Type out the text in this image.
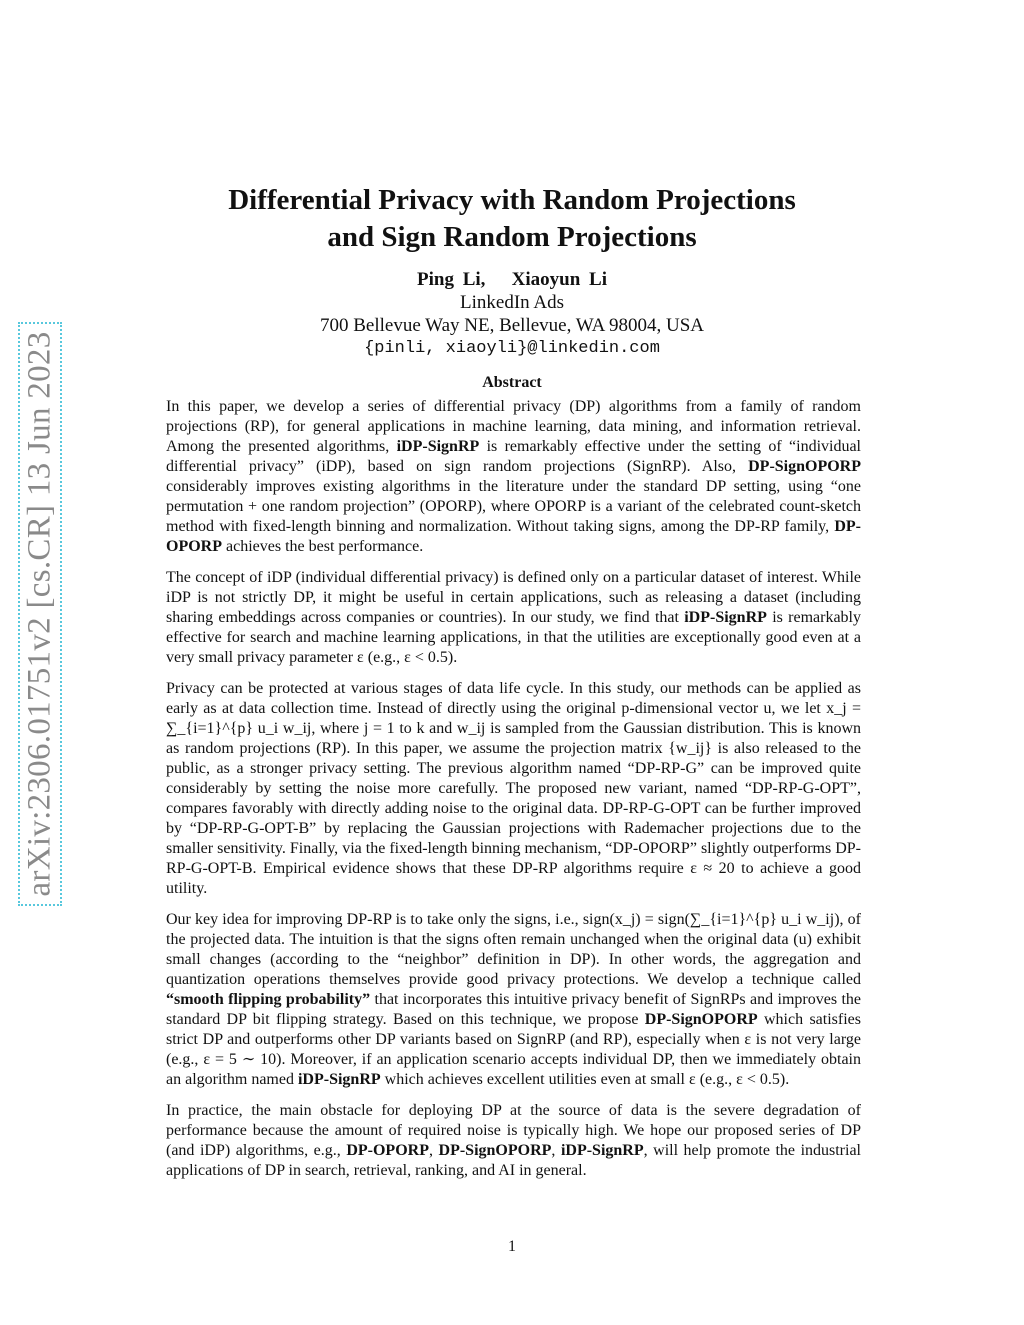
arXiv:2306.01751v2 [cs.CR] 13 Jun 2023
Differential Privacy with Random Projections
and Sign Random Projections
Ping Li, Xiaoyun Li
LinkedIn Ads
700 Bellevue Way NE, Bellevue, WA 98004, USA
{pinli, xiaoyli}@linkedin.com
Abstract

In this paper, we develop a series of differential privacy (DP) algorithms from a family of random projections (RP), for general applications in machine learning, data mining, and information retrieval. Among the presented algorithms, iDP-SignRP is remarkably effective under the setting of “individual differential privacy” (iDP), based on sign random projections (SignRP). Also, DP-SignOPORP considerably improves existing algorithms in the literature under the standard DP setting, using “one permutation + one random projection” (OPORP), where OPORP is a variant of the celebrated count-sketch method with fixed-length binning and normalization. Without taking signs, among the DP-RP family, DP-OPORP achieves the best performance.

The concept of iDP (individual differential privacy) is defined only on a particular dataset of interest. While iDP is not strictly DP, it might be useful in certain applications, such as releasing a dataset (including sharing embeddings across companies or countries). In our study, we find that iDP-SignRP is remarkably effective for search and machine learning applications, in that the utilities are exceptionally good even at a very small privacy parameter ε (e.g., ε < 0.5).

Privacy can be protected at various stages of data life cycle. In this study, our methods can be applied as early as at data collection time. Instead of directly using the original p-dimensional vector u, we let x_j = ∑_{i=1}^{p} u_i w_ij, where j = 1 to k and w_ij is sampled from the Gaussian distribution. This is known as random projections (RP). In this paper, we assume the projection matrix {w_ij} is also released to the public, as a stronger privacy setting. The previous algorithm named “DP-RP-G” can be improved quite considerably by setting the noise more carefully. The proposed new variant, named “DP-RP-G-OPT”, compares favorably with directly adding noise to the original data. DP-RP-G-OPT can be further improved by “DP-RP-G-OPT-B” by replacing the Gaussian projections with Rademacher projections due to the smaller sensitivity. Finally, via the fixed-length binning mechanism, “DP-OPORP” slightly outperforms DP-RP-G-OPT-B. Empirical evidence shows that these DP-RP algorithms require ε ≈ 20 to achieve a good utility.

Our key idea for improving DP-RP is to take only the signs, i.e., sign(x_j) = sign(∑_{i=1}^{p} u_i w_ij), of the projected data. The intuition is that the signs often remain unchanged when the original data (u) exhibit small changes (according to the “neighbor” definition in DP). In other words, the aggregation and quantization operations themselves provide good privacy protections. We develop a technique called “smooth flipping probability” that incorporates this intuitive privacy benefit of SignRPs and improves the standard DP bit flipping strategy. Based on this technique, we propose DP-SignOPORP which satisfies strict DP and outperforms other DP variants based on SignRP (and RP), especially when ε is not very large (e.g., ε = 5 ∼ 10). Moreover, if an application scenario accepts individual DP, then we immediately obtain an algorithm named iDP-SignRP which achieves excellent utilities even at small ε (e.g., ε < 0.5).

In practice, the main obstacle for deploying DP at the source of data is the severe degradation of performance because the amount of required noise is typically high. We hope our proposed series of DP (and iDP) algorithms, e.g., DP-OPORP, DP-SignOPORP, iDP-SignRP, will help promote the industrial applications of DP in search, retrieval, ranking, and AI in general.

1
